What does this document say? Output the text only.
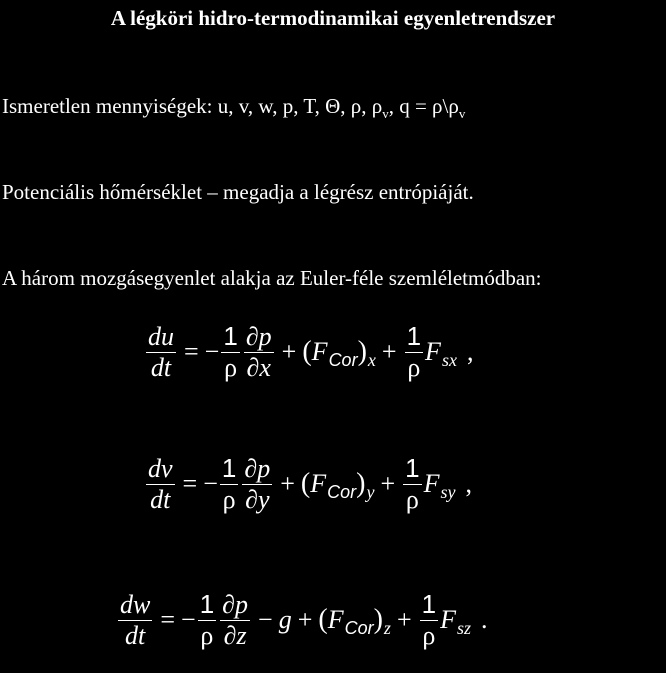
A légköri hidro-termodinamikai egyenletrendszer
Ismeretlen mennyiségek: u, v, w, p, T, Θ, ρ, $\rho_v$, $q = \rho\backslash\rho_v$
Potenciális hőmérséklet – megadja a légrész entrópiáját.
A három mozgásegyenlet alakja az Euler-féle szemléletmódban:
$\frac{du}{dt}$ = − $\frac{1}{\rho} \frac{\partial p}{\partial x}$ + ( F Cor ) $x + \frac{1}{\rho}$ F sx ,
$\frac{dv}{dt}$ = − $\frac{1}{\rho} \frac{\partial p}{\partial y}$ + ( F Cor ) $y + \frac{1}{\rho}$ F sy ,
$\frac{dw}{dt}$ = − $\frac{1}{\rho} \frac{\partial p}{\partial z} - g$ + ( F Cor ) $z + \frac{1}{\rho}$ F sz .
